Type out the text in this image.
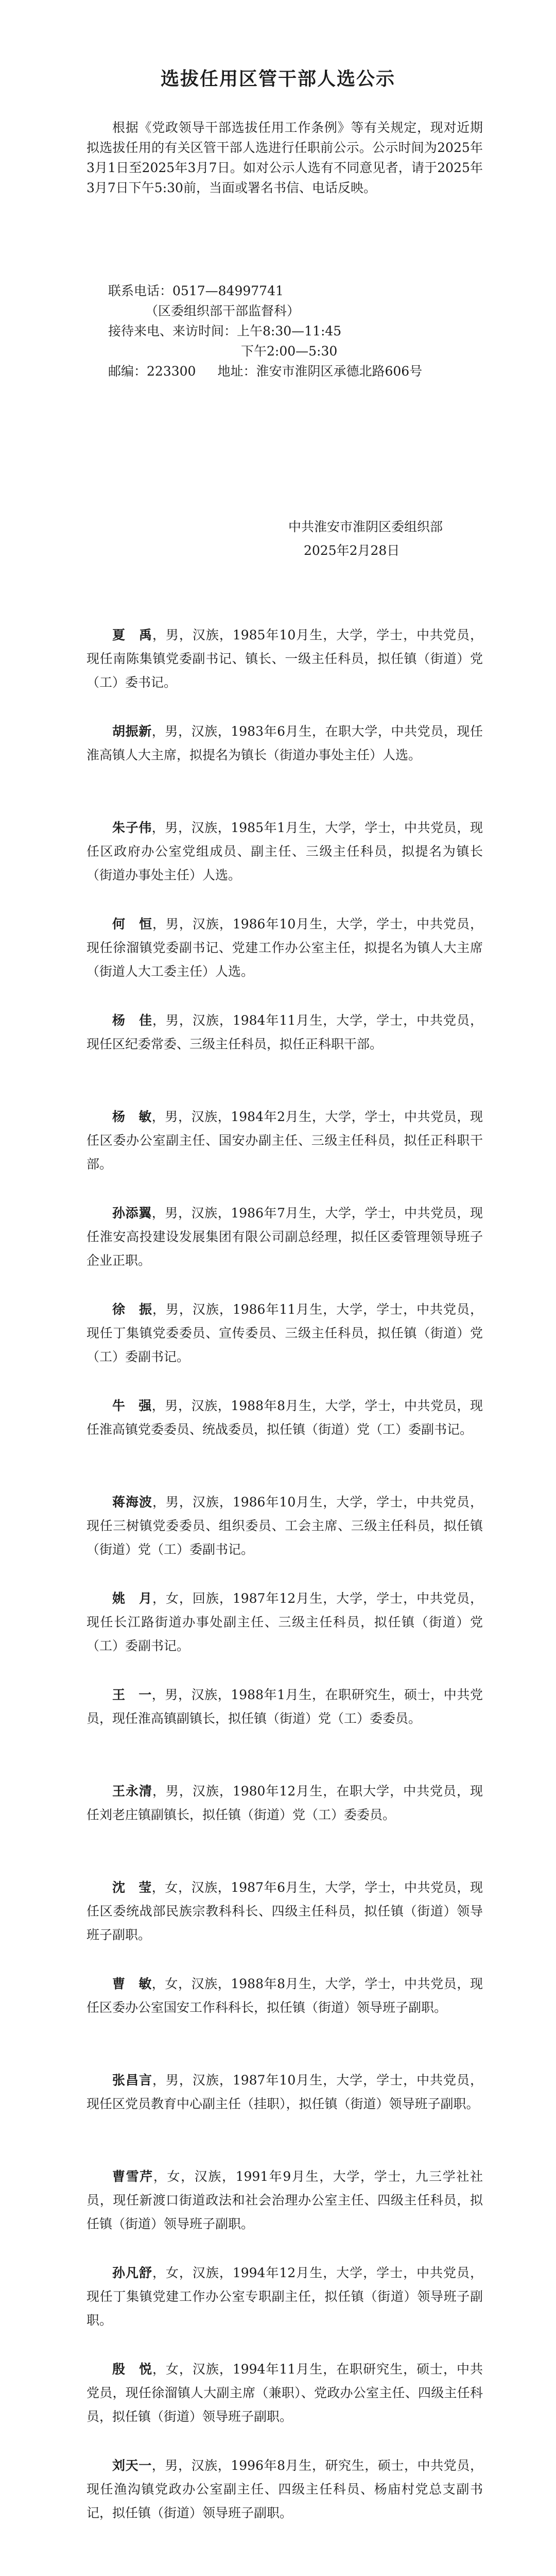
选拔任用区管干部人选公示

根据《党政领导干部选拔任用工作条例》等有关规定，现对近期拟选拔任用的有关区管干部人选进行任职前公示。公示时间为2025年3月1日至2025年3月7日。如对公示人选有不同意见者，请于2025年3月7日下午5:30前，当面或署名书信、电话反映。

联系电话：0517—84997741
（区委组织部干部监督科）
接待来电、来访时间：上午8:30—11:45
下午2:00—5:30
邮编：223300 地址：淮安市淮阴区承德北路606号
中共淮安市淮阴区委组织部
2025年2月28日

夏　禹，男，汉族，1985年10月生，大学，学士，中共党员，现任南陈集镇党委副书记、镇长、一级主任科员，拟任镇（街道）党（工）委书记。

胡振新，男，汉族，1983年6月生，在职大学，中共党员，现任淮高镇人大主席，拟提名为镇长（街道办事处主任）人选。

朱子伟，男，汉族，1985年1月生，大学，学士，中共党员，现任区政府办公室党组成员、副主任、三级主任科员，拟提名为镇长（街道办事处主任）人选。

何　恒，男，汉族，1986年10月生，大学，学士，中共党员，现任徐溜镇党委副书记、党建工作办公室主任，拟提名为镇人大主席（街道人大工委主任）人选。

杨　佳，男，汉族，1984年11月生，大学，学士，中共党员，现任区纪委常委、三级主任科员，拟任正科职干部。

杨　敏，男，汉族，1984年2月生，大学，学士，中共党员，现任区委办公室副主任、国安办副主任、三级主任科员，拟任正科职干部。

孙添翼，男，汉族，1986年7月生，大学，学士，中共党员，现任淮安高投建设发展集团有限公司副总经理，拟任区委管理领导班子企业正职。

徐　振，男，汉族，1986年11月生，大学，学士，中共党员，现任丁集镇党委委员、宣传委员、三级主任科员，拟任镇（街道）党（工）委副书记。

牛　强，男，汉族，1988年8月生，大学，学士，中共党员，现任淮高镇党委委员、统战委员，拟任镇（街道）党（工）委副书记。

蒋海波，男，汉族，1986年10月生，大学，学士，中共党员，现任三树镇党委委员、组织委员、工会主席、三级主任科员，拟任镇（街道）党（工）委副书记。

姚　月，女，回族，1987年12月生，大学，学士，中共党员，现任长江路街道办事处副主任、三级主任科员，拟任镇（街道）党（工）委副书记。

王　一，男，汉族，1988年1月生，在职研究生，硕士，中共党员，现任淮高镇副镇长，拟任镇（街道）党（工）委委员。

王永清，男，汉族，1980年12月生，在职大学，中共党员，现任刘老庄镇副镇长，拟任镇（街道）党（工）委委员。

沈　莹，女，汉族，1987年6月生，大学，学士，中共党员，现任区委统战部民族宗教科科长、四级主任科员，拟任镇（街道）领导班子副职。

曹　敏，女，汉族，1988年8月生，大学，学士，中共党员，现任区委办公室国安工作科科长，拟任镇（街道）领导班子副职。

张昌言，男，汉族，1987年10月生，大学，学士，中共党员，现任区党员教育中心副主任（挂职），拟任镇（街道）领导班子副职。

曹雪芹，女，汉族，1991年9月生，大学，学士，九三学社社员，现任新渡口街道政法和社会治理办公室主任、四级主任科员，拟任镇（街道）领导班子副职。

孙凡舒，女，汉族，1994年12月生，大学，学士，中共党员，现任丁集镇党建工作办公室专职副主任，拟任镇（街道）领导班子副职。

殷　悦，女，汉族，1994年11月生，在职研究生，硕士，中共党员，现任徐溜镇人大副主席（兼职）、党政办公室主任、四级主任科员，拟任镇（街道）领导班子副职。

刘天一，男，汉族，1996年8月生，研究生，硕士，中共党员，现任渔沟镇党政办公室副主任、四级主任科员、杨庙村党总支副书记，拟任镇（街道）领导班子副职。
